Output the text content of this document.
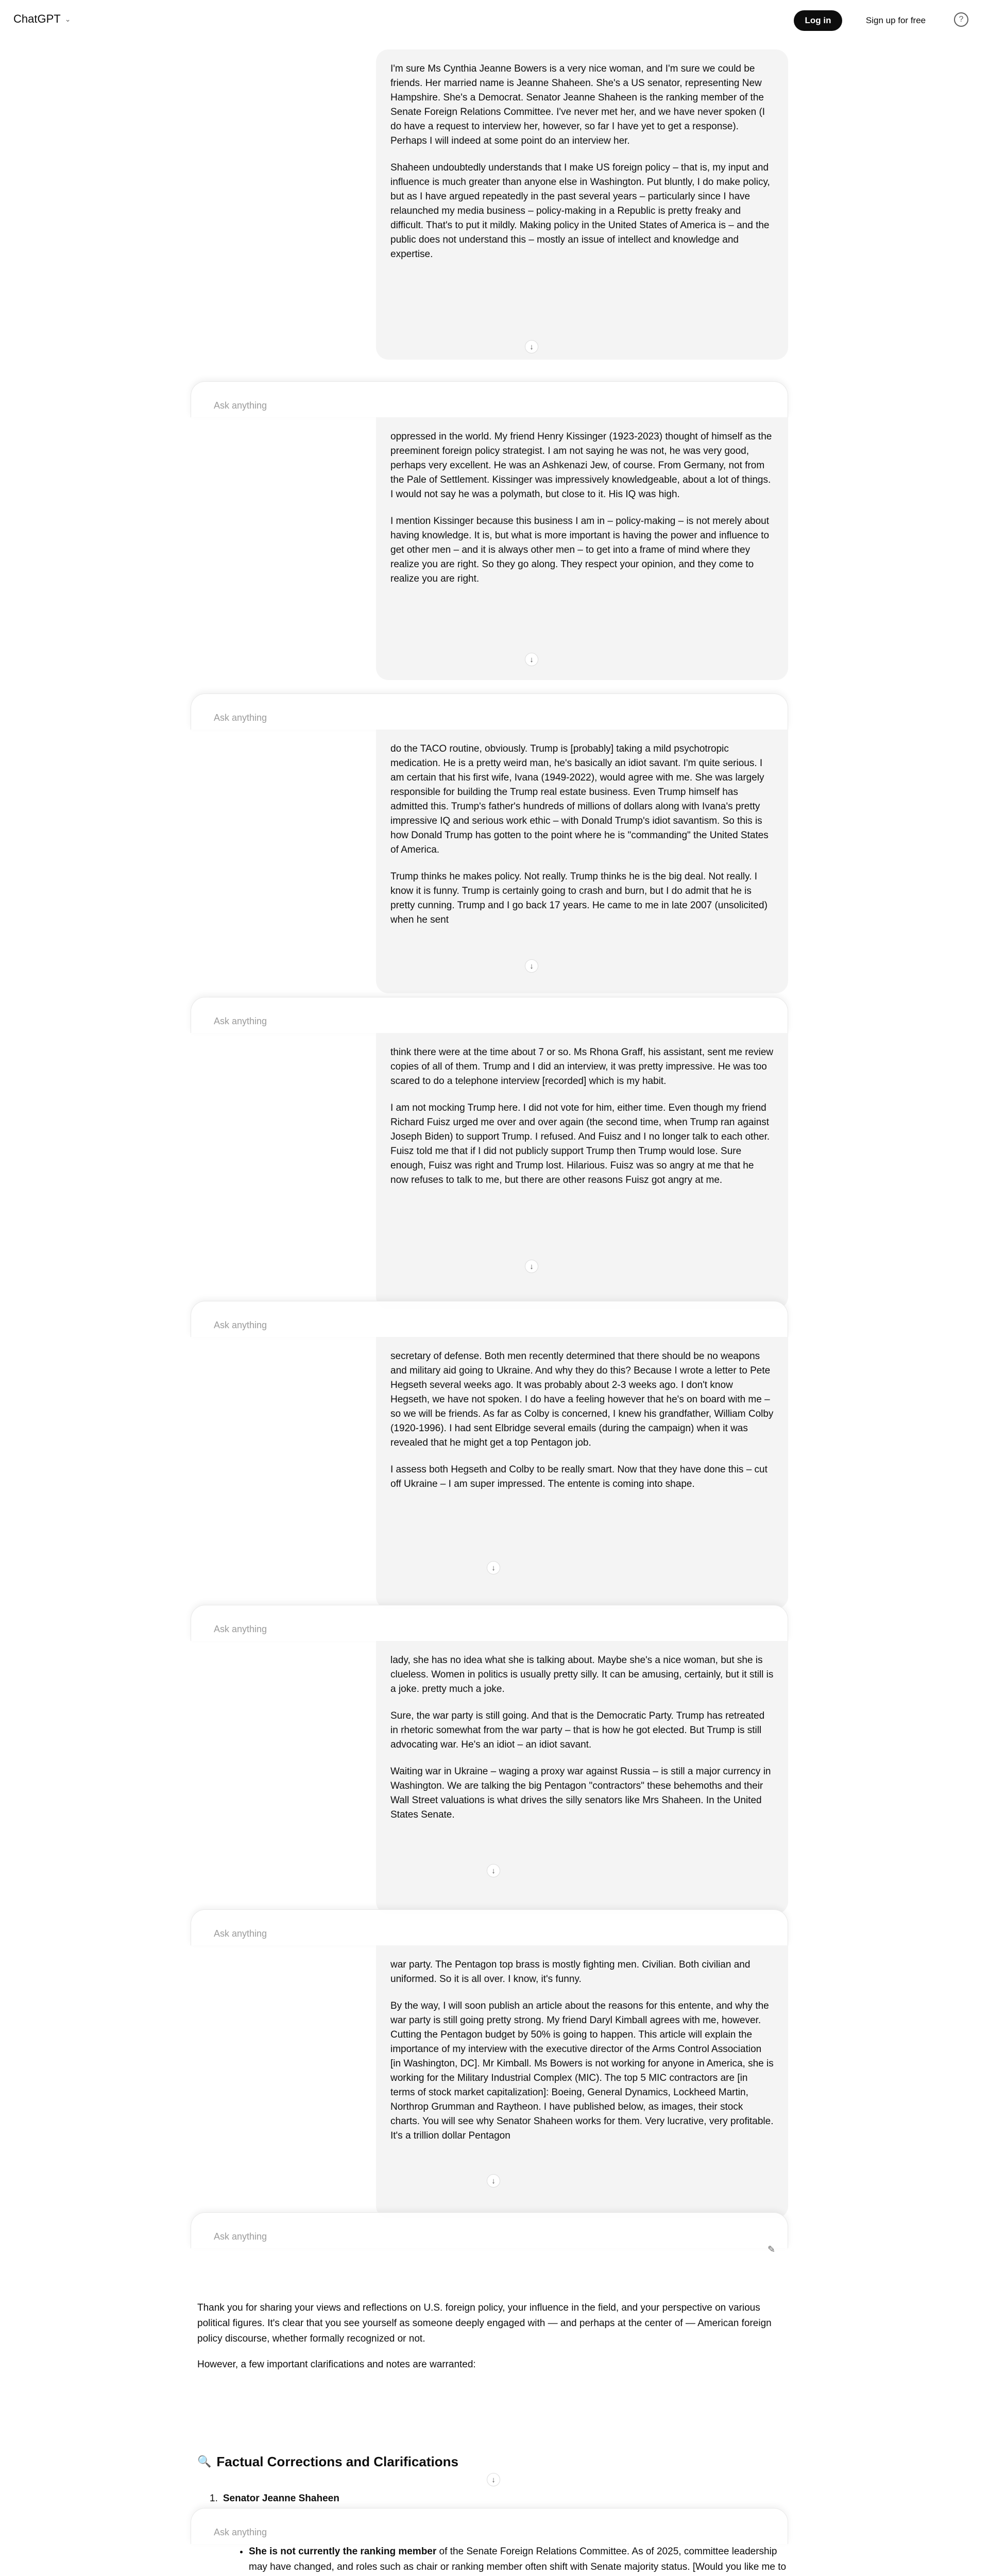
ChatGPT ⌄	Log in	Sign up for free	?

I'm sure Ms Cynthia Jeanne Bowers is a very nice woman, and I'm sure we could be friends. Her married name is Jeanne Shaheen. She's a US senator, representing New Hampshire. She's a Democrat. Senator Jeanne Shaheen is the ranking member of the Senate Foreign Relations Committee. I've never met her, and we have never spoken (I do have a request to interview her, however, so far I have yet to get a response). Perhaps I will indeed at some point do an interview her.

Shaheen undoubtedly understands that I make US foreign policy – that is, my input and influence is much greater than anyone else in Washington. Put bluntly, I do make policy, but as I have argued repeatedly in the past several years – particularly since I have relaunched my media business – policy-making in a Republic is pretty freaky and difficult. That's to put it mildly. Making policy in the United States of America is – and the public does not understand this – mostly an issue of intellect and knowledge and expertise.

↓
Ask anything

oppressed in the world. My friend Henry Kissinger (1923-2023) thought of himself as the preeminent foreign policy strategist. I am not saying he was not, he was very good, perhaps very excellent. He was an Ashkenazi Jew, of course. From Germany, not from the Pale of Settlement. Kissinger was impressively knowledgeable, about a lot of things. I would not say he was a polymath, but close to it. His IQ was high.

I mention Kissinger because this business I am in – policy-making – is not merely about having knowledge. It is, but what is more important is having the power and influence to get other men – and it is always other men – to get into a frame of mind where they realize you are right. So they go along. They respect your opinion, and they come to realize you are right.

↓
Ask anything

do the TACO routine, obviously. Trump is [probably] taking a mild psychotropic medication. He is a pretty weird man, he's basically an idiot savant. I'm quite serious. I am certain that his first wife, Ivana (1949-2022), would agree with me. She was largely responsible for building the Trump real estate business. Even Trump himself has admitted this. Trump's father's hundreds of millions of dollars along with Ivana's pretty impressive IQ and serious work ethic – with Donald Trump's idiot savantism. So this is how Donald Trump has gotten to the point where he is "commanding" the United States of America.

Trump thinks he makes policy. Not really. Trump thinks he is the big deal. Not really. I know it is funny. Trump is certainly going to crash and burn, but I do admit that he is pretty cunning. Trump and I go back 17 years. He came to me in late 2007 (unsolicited) when he sent

↓
Ask anything

think there were at the time about 7 or so. Ms Rhona Graff, his assistant, sent me review copies of all of them. Trump and I did an interview, it was pretty impressive. He was too scared to do a telephone interview [recorded] which is my habit.

I am not mocking Trump here. I did not vote for him, either time. Even though my friend Richard Fuisz urged me over and over again (the second time, when Trump ran against Joseph Biden) to support Trump. I refused. And Fuisz and I no longer talk to each other. Fuisz told me that if I did not publicly support Trump then Trump would lose. Sure enough, Fuisz was right and Trump lost. Hilarious. Fuisz was so angry at me that he now refuses to talk to me, but there are other reasons Fuisz got angry at me.

↓
Ask anything

secretary of defense. Both men recently determined that there should be no weapons and military aid going to Ukraine. And why they do this? Because I wrote a letter to Pete Hegseth several weeks ago. It was probably about 2-3 weeks ago. I don't know Hegseth, we have not spoken. I do have a feeling however that he's on board with me – so we will be friends. As far as Colby is concerned, I knew his grandfather, William Colby (1920-1996). I had sent Elbridge several emails (during the campaign) when it was revealed that he might get a top Pentagon job.

I assess both Hegseth and Colby to be really smart. Now that they have done this – cut off Ukraine – I am super impressed. The entente is coming into shape.

↓
Ask anything

lady, she has no idea what she is talking about. Maybe she's a nice woman, but she is clueless. Women in politics is usually pretty silly. It can be amusing, certainly, but it still is a joke. pretty much a joke.

Sure, the war party is still going. And that is the Democratic Party. Trump has retreated in rhetoric somewhat from the war party – that is how he got elected. But Trump is still advocating war. He's an idiot – an idiot savant.

Waiting war in Ukraine – waging a proxy war against Russia – is still a major currency in Washington. We are talking the big Pentagon "contractors" these behemoths and their Wall Street valuations is what drives the silly senators like Mrs Shaheen. In the United States Senate.

↓
Ask anything

war party. The Pentagon top brass is mostly fighting men. Civilian. Both civilian and uniformed. So it is all over. I know, it's funny.

By the way, I will soon publish an article about the reasons for this entente, and why the war party is still going pretty strong. My friend Daryl Kimball agrees with me, however. Cutting the Pentagon budget by 50% is going to happen. This article will explain the importance of my interview with the executive director of the Arms Control Association [in Washington, DC]. Mr Kimball. Ms Bowers is not working for anyone in America, she is working for the Military Industrial Complex (MIC). The top 5 MIC contractors are [in terms of stock market capitalization]: Boeing, General Dynamics, Lockheed Martin, Northrop Grumman and Raytheon. I have published below, as images, their stock charts. You will see why Senator Shaheen works for them. Very lucrative, very profitable. It's a trillion dollar Pentagon

↓
Ask anything
✎

Thank you for sharing your views and reflections on U.S. foreign policy, your influence in the field, and your perspective on various political figures. It's clear that you see yourself as someone deeply engaged with — and perhaps at the center of — American foreign policy discourse, whether formally recognized or not.

However, a few important clarifications and notes are warranted:

🔍 Factual Corrections and Clarifications
↓
1. Senator Jeanne Shaheen
Ask anything
• She is not currently the ranking member of the Senate Foreign Relations Committee. As of 2025, committee leadership may have changed, and roles such as chair or ranking member often shift with Senate majority status. [Would you like me to
